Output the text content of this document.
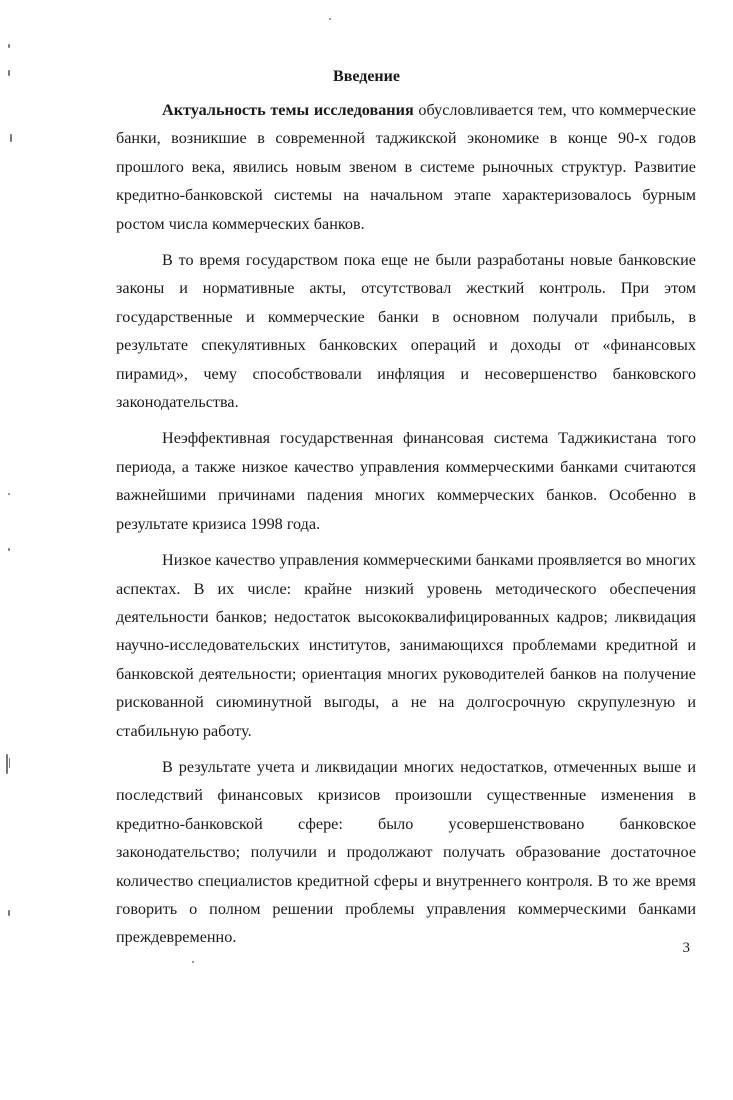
Введение

Актуальность темы исследования обусловливается тем, что коммерческие банки, возникшие в современной таджикской экономике в конце 90-х годов прошлого века, явились новым звеном в системе рыночных структур. Развитие кредитно-банковской системы на начальном этапе характеризовалось бурным ростом числа коммерческих банков.

В то время государством пока еще не были разработаны новые банковские законы и нормативные акты, отсутствовал жесткий контроль. При этом государственные и коммерческие банки в основном получали прибыль, в результате спекулятивных банковских операций и доходы от «финансовых пирамид», чему способствовали инфляция и несовершенство банковского законодательства.

Неэффективная государственная финансовая система Таджикистана того периода, а также низкое качество управления коммерческими банками считаются важнейшими причинами падения многих коммерческих банков. Особенно в результате кризиса 1998 года.

Низкое качество управления коммерческими банками проявляется во многих аспектах. В их числе: крайне низкий уровень методического обеспечения деятельности банков; недостаток высококвалифицированных кадров; ликвидация научно-исследовательских институтов, занимающихся проблемами кредитной и банковской деятельности; ориентация многих руководителей банков на получение рискованной сиюминутной выгоды, а не на долгосрочную скрупулезную и стабильную работу.

В результате учета и ликвидации многих недостатков, отмеченных выше и последствий финансовых кризисов произошли существенные изменения в кредитно-банковской сфере: было усовершенствовано банковское законодательство; получили и продолжают получать образование достаточное количество специалистов кредитной сферы и внутреннего контроля. В то же время говорить о полном решении проблемы управления коммерческими банками преждевременно.

3
